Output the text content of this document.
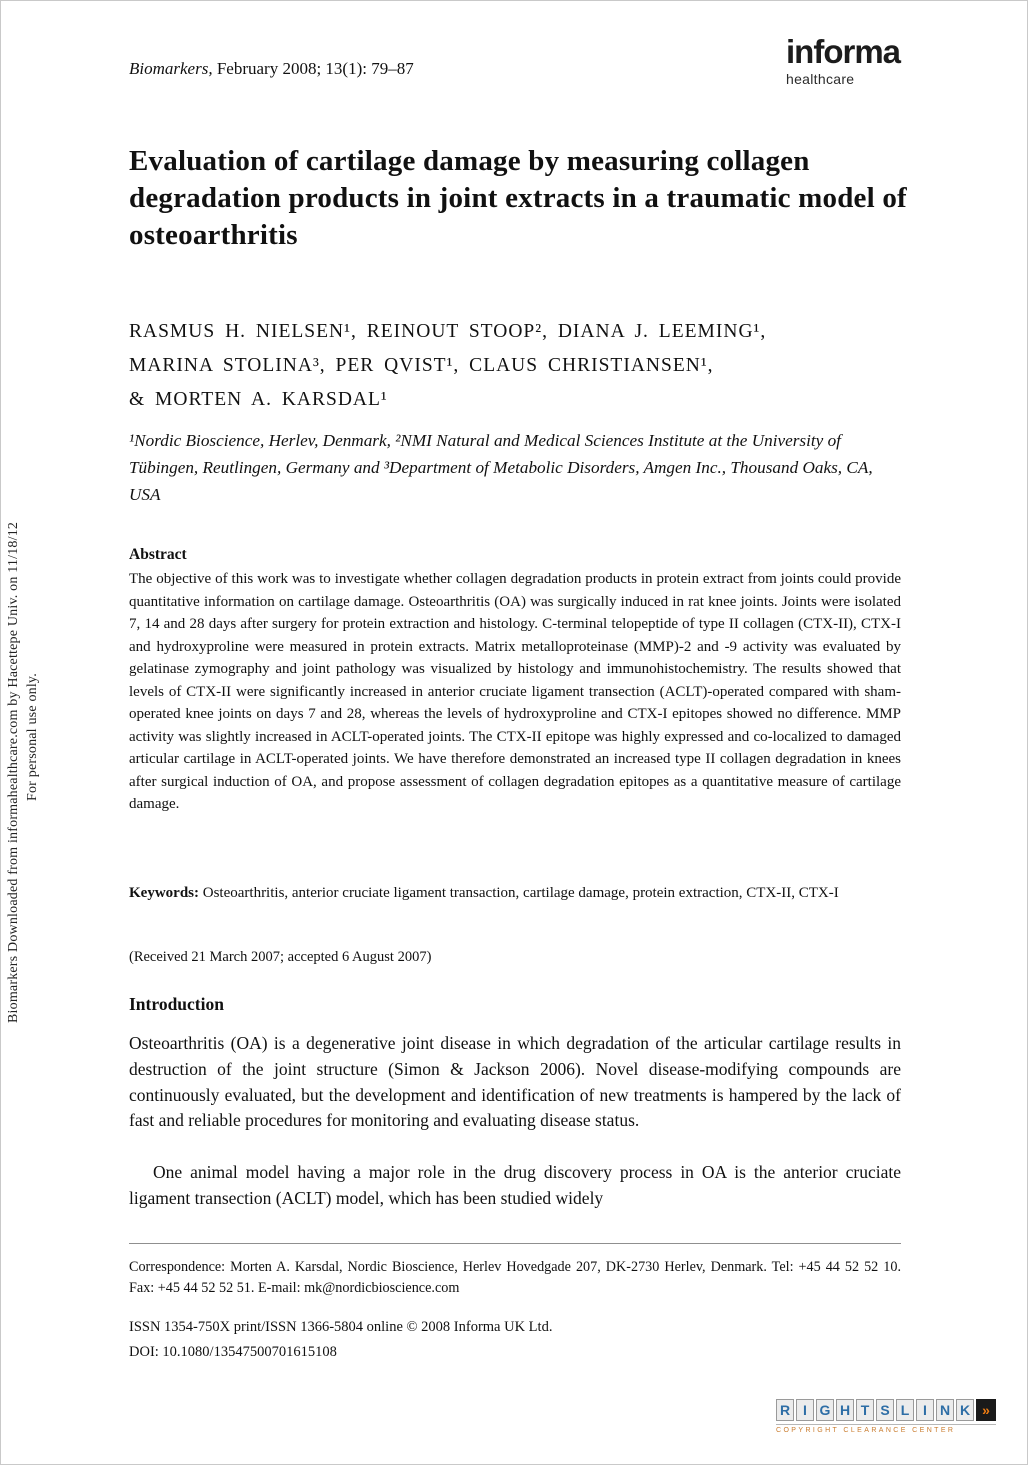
Biomarkers Downloaded from informahealthcare.com by Hacettepe Univ. on 11/18/12 For personal use only.
Biomarkers, February 2008; 13(1): 79–87	informa
healthcare
Evaluation of cartilage damage by measuring collagen degradation products in joint extracts in a traumatic model of osteoarthritis
RASMUS H. NIELSEN¹, REINOUT STOOP², DIANA J. LEEMING¹,
MARINA STOLINA³, PER QVIST¹, CLAUS CHRISTIANSEN¹,
& MORTEN A. KARSDAL¹
¹Nordic Bioscience, Herlev, Denmark, ²NMI Natural and Medical Sciences Institute at the University of Tübingen, Reutlingen, Germany and ³Department of Metabolic Disorders, Amgen Inc., Thousand Oaks, CA, USA
Abstract

The objective of this work was to investigate whether collagen degradation products in protein extract from joints could provide quantitative information on cartilage damage. Osteoarthritis (OA) was surgically induced in rat knee joints. Joints were isolated 7, 14 and 28 days after surgery for protein extraction and histology. C-terminal telopeptide of type II collagen (CTX-II), CTX-I and hydroxyproline were measured in protein extracts. Matrix metalloproteinase (MMP)-2 and -9 activity was evaluated by gelatinase zymography and joint pathology was visualized by histology and immunohistochemistry. The results showed that levels of CTX-II were significantly increased in anterior cruciate ligament transection (ACLT)-operated compared with sham-operated knee joints on days 7 and 28, whereas the levels of hydroxyproline and CTX-I epitopes showed no difference. MMP activity was slightly increased in ACLT-operated joints. The CTX-II epitope was highly expressed and co-localized to damaged articular cartilage in ACLT-operated joints. We have therefore demonstrated an increased type II collagen degradation in knees after surgical induction of OA, and propose assessment of collagen degradation epitopes as a quantitative measure of cartilage damage.

Keywords: Osteoarthritis, anterior cruciate ligament transaction, cartilage damage, protein extraction, CTX-II, CTX-I

(Received 21 March 2007; accepted 6 August 2007)

Introduction

Osteoarthritis (OA) is a degenerative joint disease in which degradation of the articular cartilage results in destruction of the joint structure (Simon & Jackson 2006). Novel disease-modifying compounds are continuously evaluated, but the development and identification of new treatments is hampered by the lack of fast and reliable procedures for monitoring and evaluating disease status.

One animal model having a major role in the drug discovery process in OA is the anterior cruciate ligament transection (ACLT) model, which has been studied widely

Correspondence: Morten A. Karsdal, Nordic Bioscience, Herlev Hovedgade 207, DK-2730 Herlev, Denmark. Tel: +45 44 52 52 10. Fax: +45 44 52 52 51. E-mail: mk@nordicbioscience.com

ISSN 1354-750X print/ISSN 1366-5804 online © 2008 Informa UK Ltd.

DOI: 10.1080/13547500701615108

R I G H T S L I N K »
COPYRIGHT CLEARANCE CENTER
